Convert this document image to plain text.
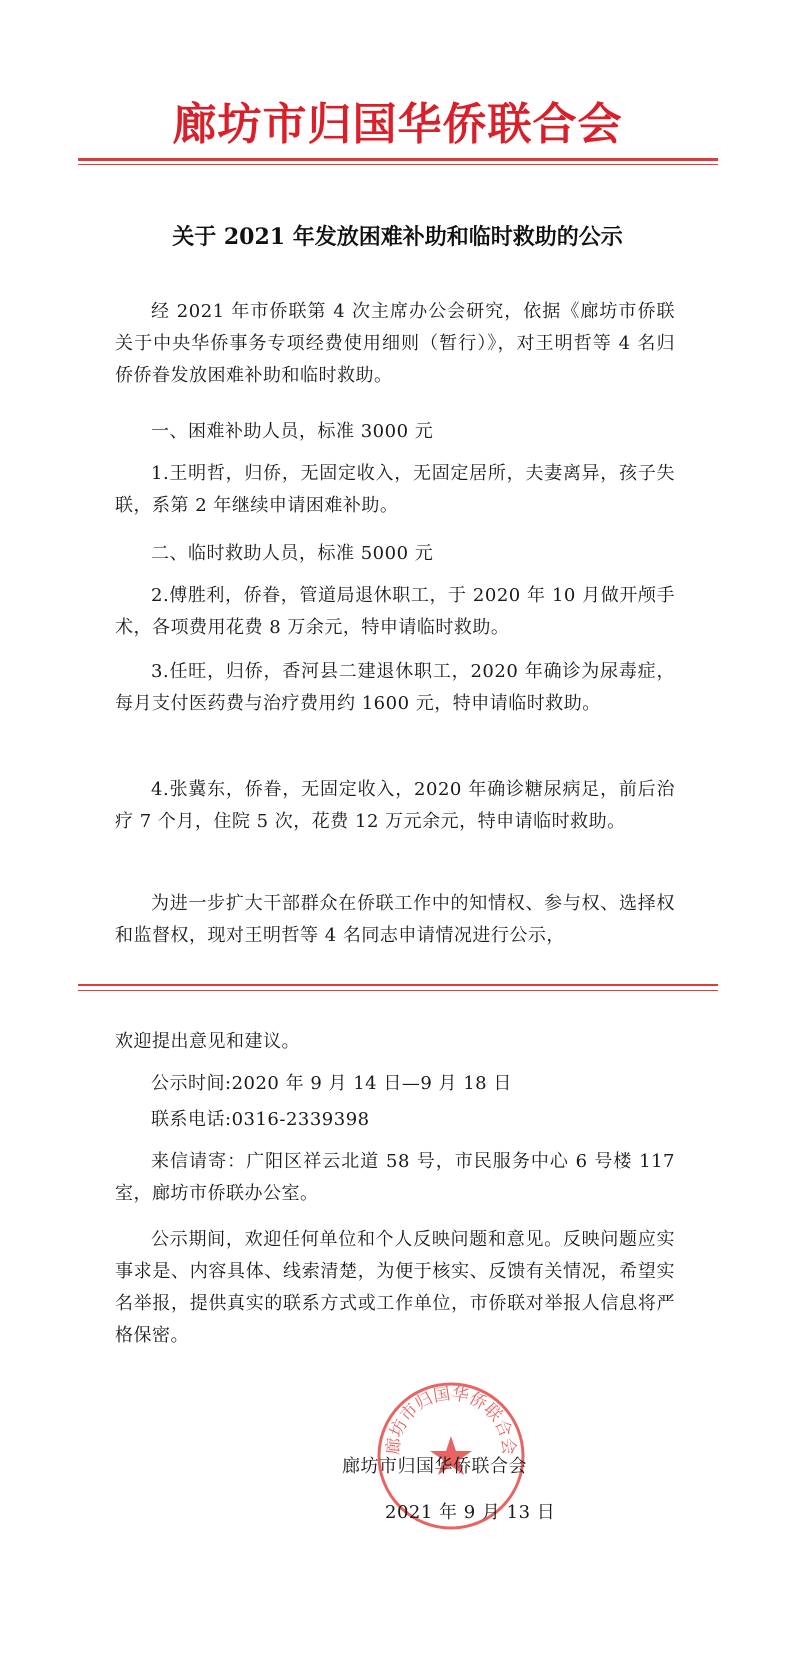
廊坊市归国华侨联合会
关于 2021 年发放困难补助和临时救助的公示
经 2021 年市侨联第 4 次主席办公会研究，依据《廊坊市侨联关于中央华侨事务专项经费使用细则（暂行）》，对王明哲等 4 名归侨侨眷发放困难补助和临时救助。
一、困难补助人员，标准 3000 元
1.王明哲，归侨，无固定收入，无固定居所，夫妻离异，孩子失联，系第 2 年继续申请困难补助。
二、临时救助人员，标准 5000 元
2.傅胜利，侨眷，管道局退休职工，于 2020 年 10 月做开颅手术，各项费用花费 8 万余元，特申请临时救助。
3.任旺，归侨，香河县二建退休职工，2020 年确诊为尿毒症，每月支付医药费与治疗费用约 1600 元，特申请临时救助。
4.张冀东，侨眷，无固定收入，2020 年确诊糖尿病足，前后治疗 7 个月，住院 5 次，花费 12 万元余元，特申请临时救助。
为进一步扩大干部群众在侨联工作中的知情权、参与权、选择权和监督权，现对王明哲等 4 名同志申请情况进行公示，
欢迎提出意见和建议。
公示时间:2020 年 9 月 14 日—9 月 18 日
联系电话:0316-2339398
来信请寄：广阳区祥云北道 58 号，市民服务中心 6 号楼 117 室，廊坊市侨联办公室。
公示期间，欢迎任何单位和个人反映问题和意见。反映问题应实事求是、内容具体、线索清楚，为便于核实、反馈有关情况，希望实名举报，提供真实的联系方式或工作单位，市侨联对举报人信息将严格保密。
廊坊市归国华侨联合会
廊坊市归国华侨联合会
2021 年 9 月 13 日
